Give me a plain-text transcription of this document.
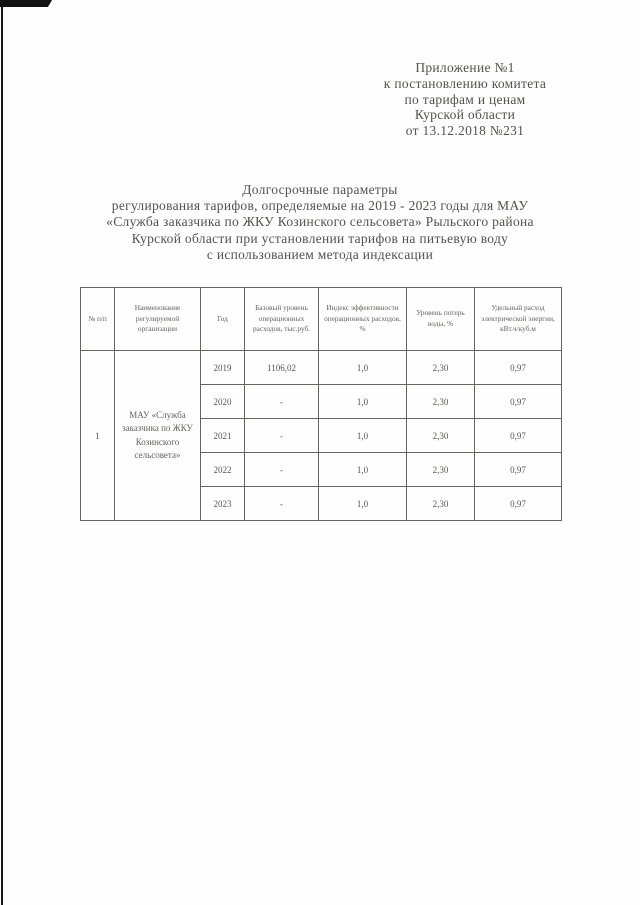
Приложение №1
к постановлению комитета
по тарифам и ценам
Курской области
от 13.12.2018 №231
Долгосрочные параметры
регулирования тарифов, определяемые на 2019 - 2023 годы для МАУ
«Служба заказчика по ЖКУ Козинского сельсовета» Рыльского района
Курской области при установлении тарифов на питьевую воду
с использованием метода индексации
№ п/п	Наименование регулируемой организации	Год	Базовый уровень операционных расходов, тыс.руб.	Индекс эффективности операционных расходов, %	Уровень потерь воды, %	Удельный расход электрической энергии, кВт.ч/куб.м
1	МАУ «Служба заказчика по ЖКУ Козинского сельсовета»	2019	1106,02	1,0	2,30	0,97
		2020	-	1,0	2,30	0,97
		2021	-	1,0	2,30	0,97
		2022	-	1,0	2,30	0,97
		2023	-	1,0	2,30	0,97
